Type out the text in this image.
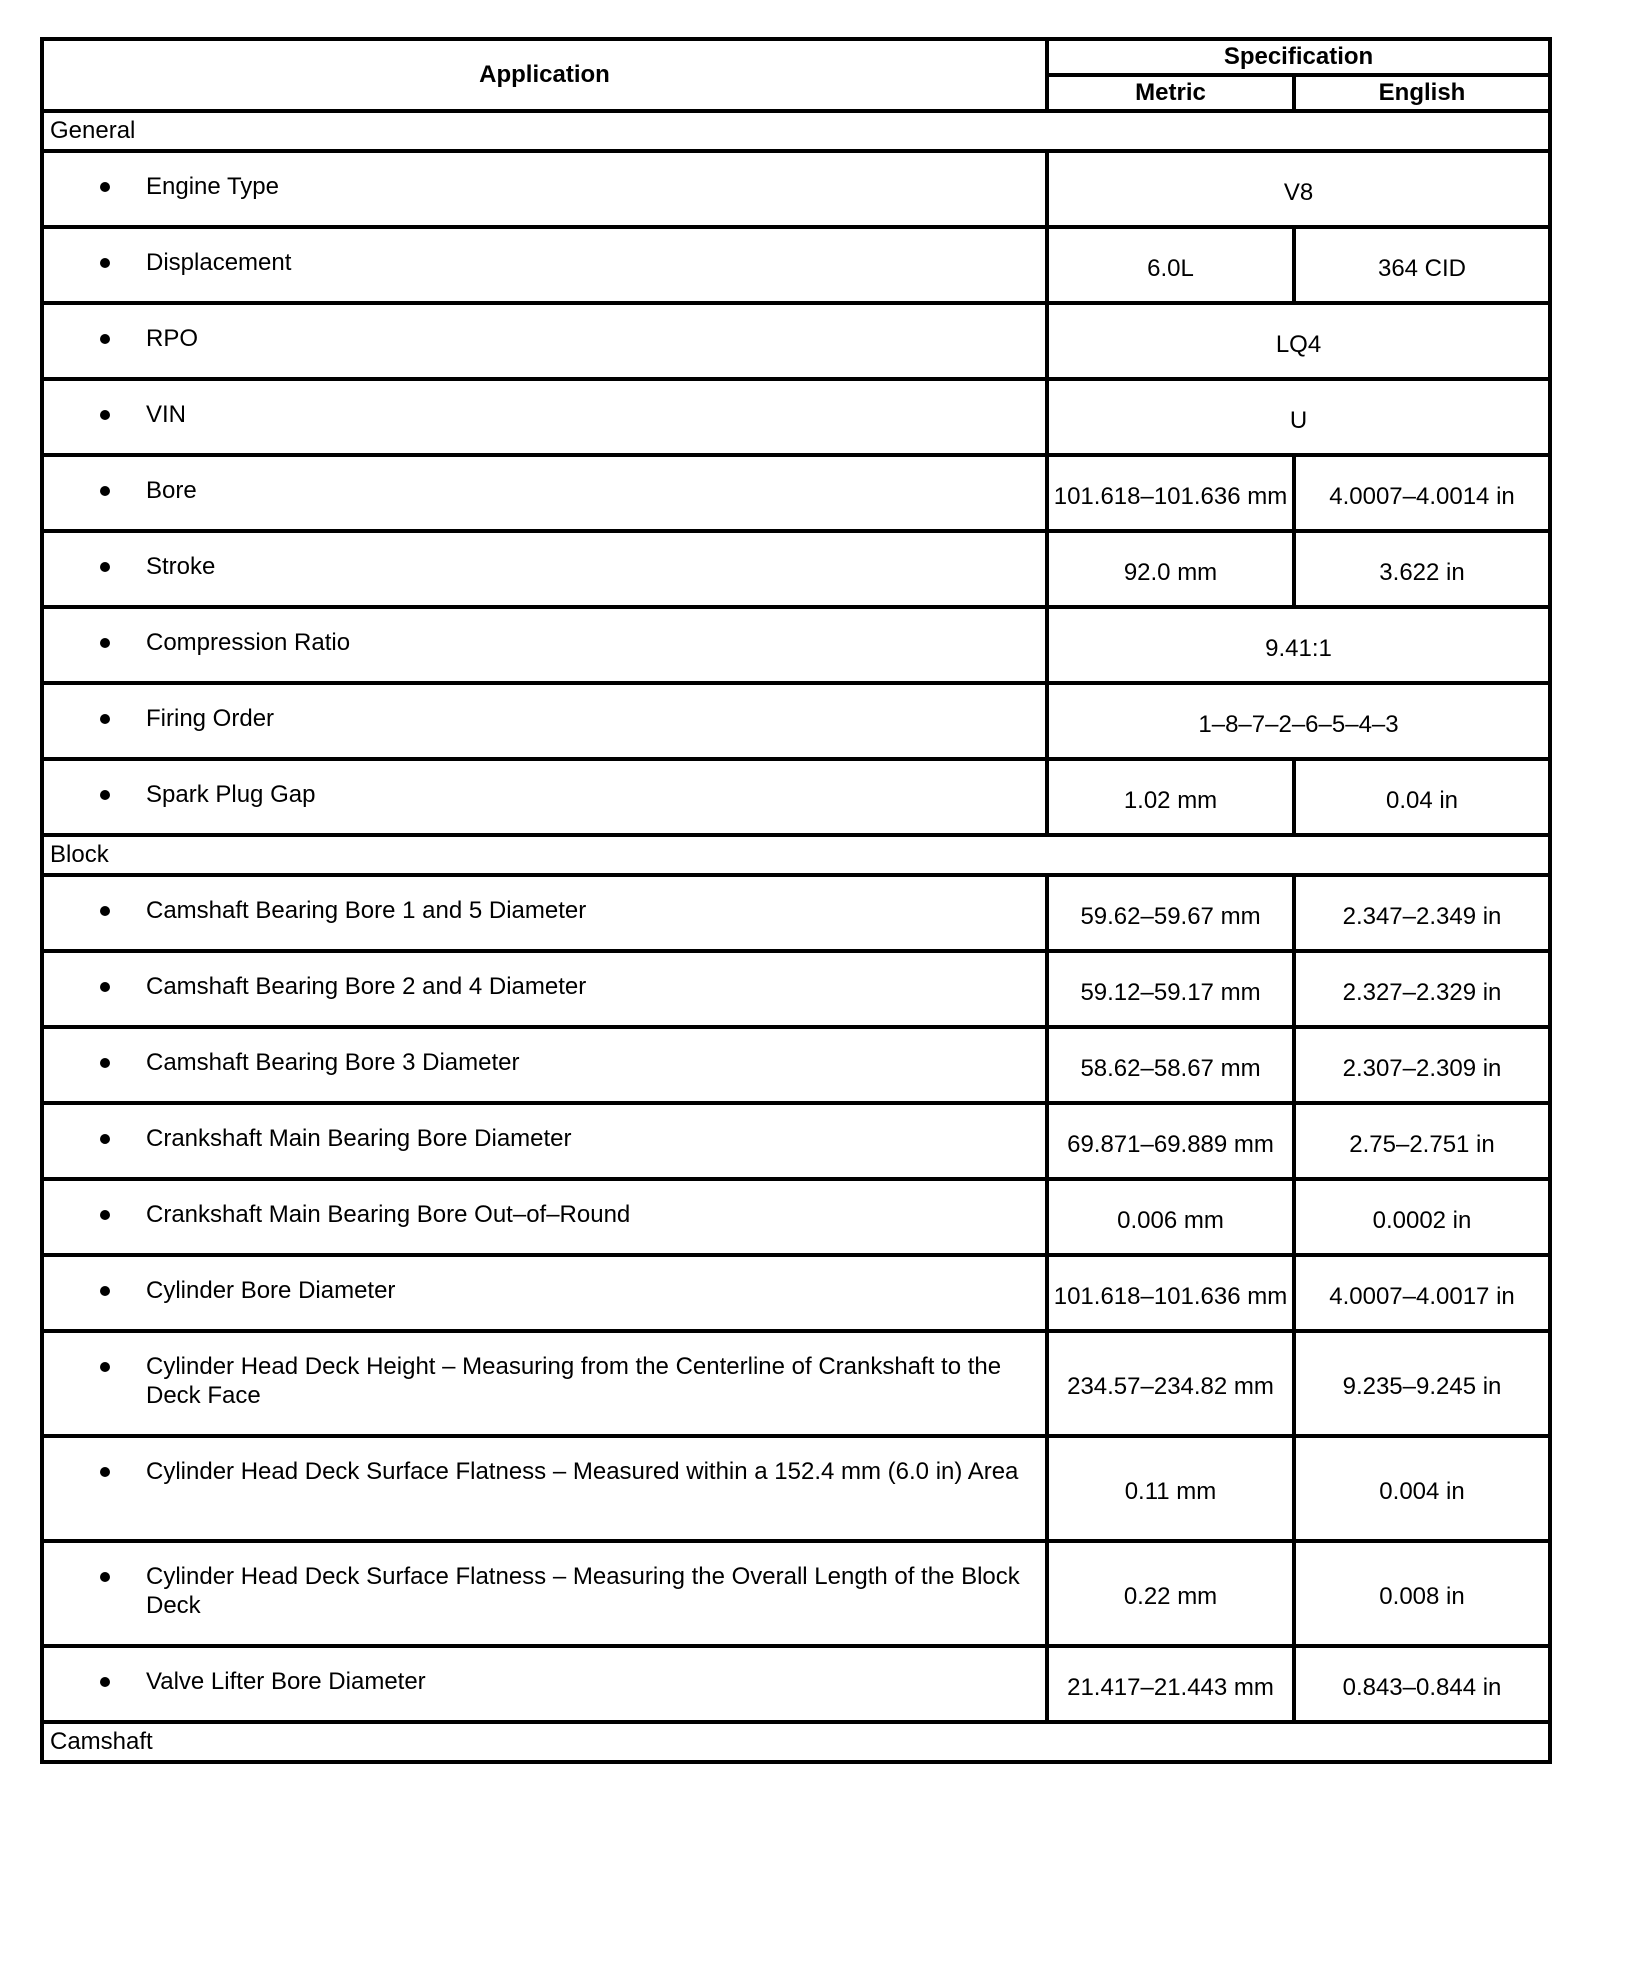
Application	Specification	
	Metric	English
General		

Engine Type	V8	

Displacement	6.0L	364 CID

RPO	LQ4	

VIN	U	

Bore	101.618–101.636 mm	4.0007–4.0014 in

Stroke	92.0 mm	3.622 in

Compression Ratio	9.41:1	

Firing Order	1–8–7–2–6–5–4–3	

Spark Plug Gap	1.02 mm	0.04 in
Block		

Camshaft Bearing Bore 1 and 5 Diameter	59.62–59.67 mm	2.347–2.349 in

Camshaft Bearing Bore 2 and 4 Diameter	59.12–59.17 mm	2.327–2.329 in

Camshaft Bearing Bore 3 Diameter	58.62–58.67 mm	2.307–2.309 in

Crankshaft Main Bearing Bore Diameter	69.871–69.889 mm	2.75–2.751 in

Crankshaft Main Bearing Bore Out–of–Round	0.006 mm	0.0002 in

Cylinder Bore Diameter	101.618–101.636 mm	4.0007–4.0017 in

Cylinder Head Deck Height – Measuring from the Centerline of Crankshaft to the Deck Face	234.57–234.82 mm	9.235–9.245 in

Cylinder Head Deck Surface Flatness – Measured within a 152.4 mm (6.0 in) Area	0.11 mm	0.004 in

Cylinder Head Deck Surface Flatness – Measuring the Overall Length of the Block Deck	0.22 mm	0.008 in

Valve Lifter Bore Diameter	21.417–21.443 mm	0.843–0.844 in
Camshaft		
